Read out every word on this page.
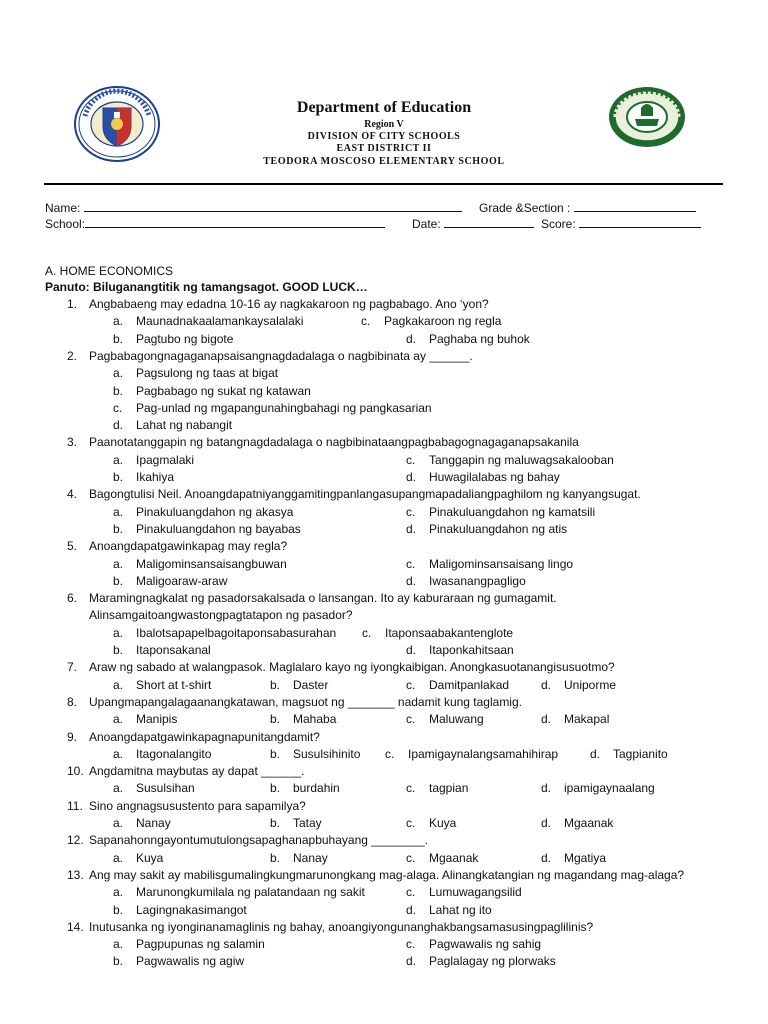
Department of Education
Region V
DIVISION OF CITY SCHOOLS
EAST DISTRICT II
TEODORA MOSCOSO ELEMENTARY SCHOOL
Name:	Grade &Section :
School:	Date:	Score:
A. HOME ECONOMICS
Panuto: Biluganangtitik ng tamangsagot. GOOD LUCK…
1. Angbabaeng may edadna 10-16 ay nagkakaroon ng pagbabago. Ano ‘yon?
a. Maunadnakaalamankaysalalaki	c. Pagkakaroon ng regla
b. Pagtubo ng bigote	d. Paghaba ng buhok
2. Pagbabagongnagaganapsaisangnagdadalaga o nagbibinata ay ______.
a. Pagsulong ng taas at bigat
b. Pagbabago ng sukat ng katawan
c. Pag-unlad ng mgapangunahingbahagi ng pangkasarian
d. Lahat ng nabangit
3. Paanotatanggapin ng batangnagdadalaga o nagbibinataangpagbabagognagaganapsakanila
a. Ipagmalaki	c. Tanggapin ng maluwagsakalooban
b. Ikahiya	d. Huwagilalabas ng bahay
4. Bagongtulisi Neil. Anoangdapatniyanggamitingpanlangasupangmapadaliangpaghilom ng kanyangsugat.
a. Pinakuluangdahon ng akasya	c. Pinakuluangdahon ng kamatsili
b. Pinakuluangdahon ng bayabas	d. Pinakuluangdahon ng atis
5. Anoangdapatgawinkapag may regla?
a. Maligominsansaisangbuwan	c. Maligominsansaisang lingo
b. Maligoaraw-araw	d. Iwasanangpagligo
6. Maramingnagkalat ng pasadorsakalsada o lansangan. Ito ay kaburaraan ng gumagamit.
Alinsamgaitoangwastongpagtatapon ng pasador?
a. Ibalotsapapelbagoitaponsabasurahan c. Itaponsaabakantenglote
b. Itaponsakanal	d. Itaponkahitsaan
7. Araw ng sabado at walangpasok. Maglalaro kayo ng iyongkaibigan. Anongkasuotanangisusuotmo?
a. Short at t-shirt	b. Daster	c. Damitpanlakad	d. Uniporme
8. Upangmapangalagaanangkatawan, magsuot ng _______ nadamit kung taglamig.
a. Manipis	b. Mahaba	c. Maluwang	d. Makapal
9. Anoangdapatgawinkapagnapunitangdamit?
a. Itagonalangito	b. Susulsihinito c. Ipamigaynalangsamahihirap	d. Tagpianito
10. Angdamitna maybutas ay dapat ______.
a. Susulsihan	b. burdahin	c. tagpian	d. ipamigaynaalang
11. Sino angnagsusustento para sapamilya?
a. Nanay	b. Tatay	c. Kuya	d. Mgaanak
12. Sapanahonngayontumutulongsapaghanapbuhayang ________.
a. Kuya	b. Nanay	c. Mgaanak	d. Mgatiya
13. Ang may sakit ay mabilisgumalingkungmarunongkang mag-alaga. Alinangkatangian ng magandang mag-alaga?
a. Marunongkumilala ng palatandaan ng sakit	c. Lumuwagangsilid
b. Lagingnakasimangot	d. Lahat ng ito
14. Inutusanka ng iyonginanamaglinis ng bahay, anoangiyongunanghakbangsamasusingpaglilinis?
a. Pagpupunas ng salamin	c. Pagwawalis ng sahig
b. Pagwawalis ng agiw	d. Paglalagay ng plorwaks
